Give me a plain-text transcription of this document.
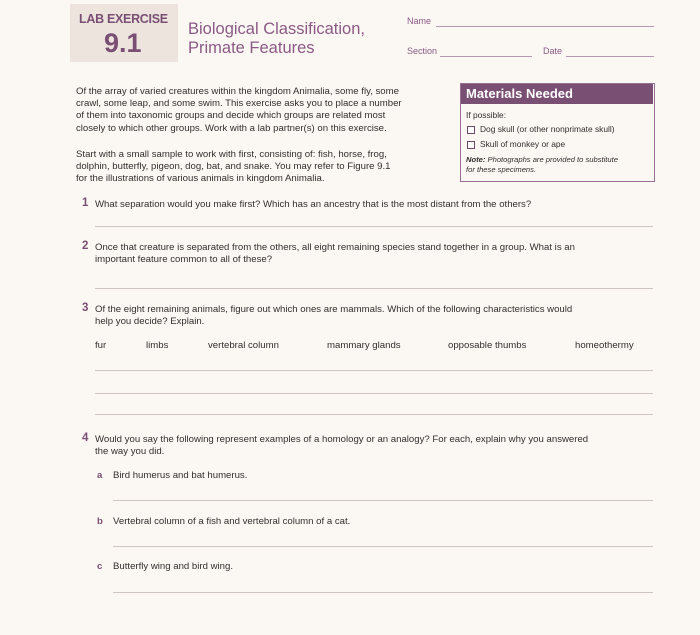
LAB EXERCISE
9.1	Biological Classification,
Primate Features
Name
Section	Date
Of the array of varied creatures within the kingdom Animalia, some fly, some
crawl, some leap, and some swim. This exercise asks you to place a number
of them into taxonomic groups and decide which groups are related most
closely to which other groups. Work with a lab partner(s) on this exercise.
Start with a small sample to work with first, consisting of: fish, horse, frog,
dolphin, butterfly, pigeon, dog, bat, and snake. You may refer to Figure 9.1
for the illustrations of various animals in kingdom Animalia.
Materials Needed
If possible:
Dog skull (or other nonprimate skull)
Skull of monkey or ape
Note: Photographs are provided to substitute
for these specimens.
1 What separation would you make first? Which has an ancestry that is the most distant from the others?
2 Once that creature is separated from the others, all eight remaining species stand together in a group. What is an
important feature common to all of these?
3 Of the eight remaining animals, figure out which ones are mammals. Which of the following characteristics would
help you decide? Explain.
fur	limbs	vertebral column	mammary glands	opposable thumbs	homeothermy
4 Would you say the following represent examples of a homology or an analogy? For each, explain why you answered
the way you did.
a Bird humerus and bat humerus.
b Vertebral column of a fish and vertebral column of a cat.
c Butterfly wing and bird wing.
